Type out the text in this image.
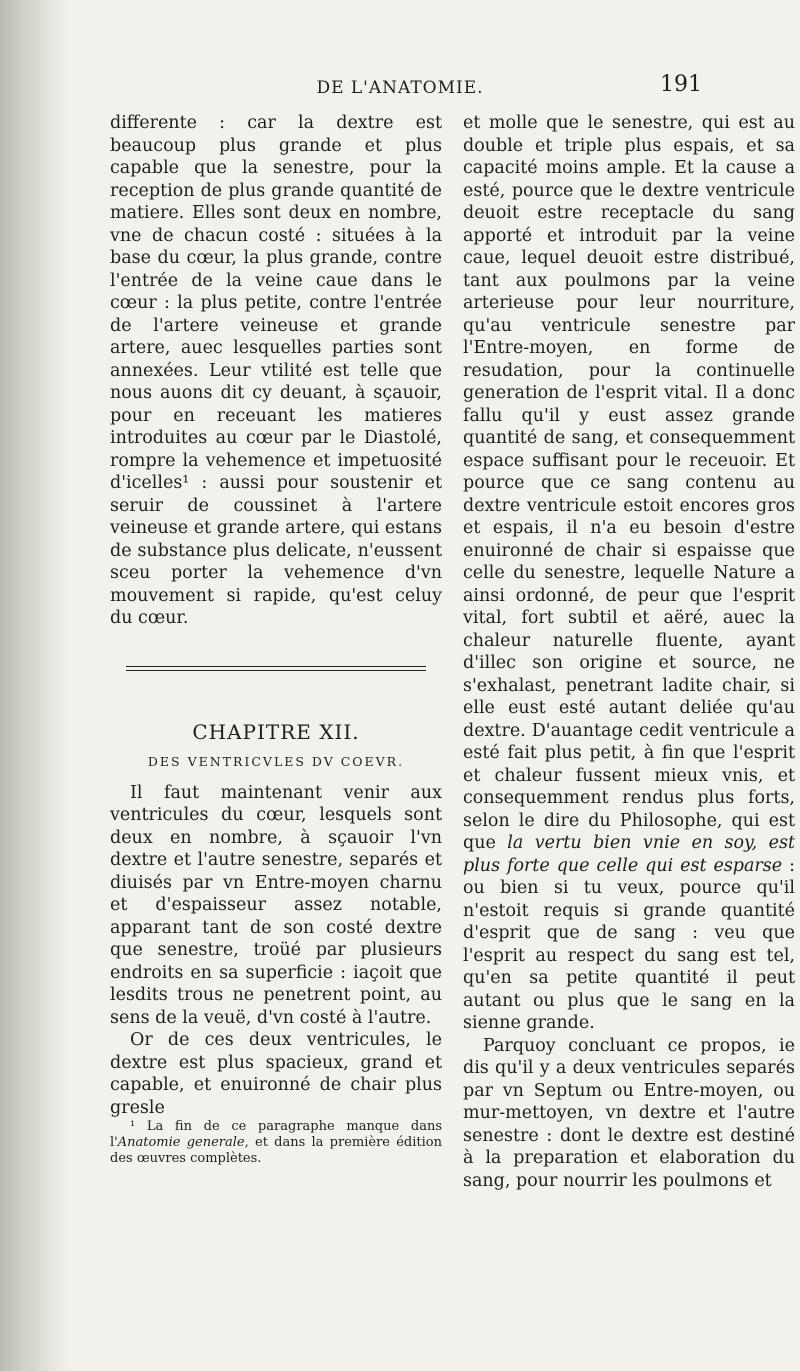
DE L'ANATOMIE.	191

differente : car la dextre est beaucoup plus grande et plus capable que la senestre, pour la reception de plus grande quantité de matiere. Elles sont deux en nombre, vne de chacun costé : situées à la base du cœur, la plus grande, contre l'entrée de la veine caue dans le cœur : la plus petite, contre l'entrée de l'artere veineuse et grande artere, auec lesquelles parties sont annexées. Leur vtilité est telle que nous auons dit cy deuant, à sçauoir, pour en receuant les matieres introduites au cœur par le Diastolé, rompre la vehemence et impetuosité d'icelles¹ : aussi pour soustenir et seruir de coussinet à l'artere veineuse et grande artere, qui estans de substance plus delicate, n'eussent sceu porter la vehemence d'vn mouvement si rapide, qu'est celuy du cœur.

CHAPITRE XII.
DES VENTRICVLES DV COEVR.

Il faut maintenant venir aux ventricules du cœur, lesquels sont deux en nombre, à sçauoir l'vn dextre et l'autre senestre, separés et diuisés par vn Entre-moyen charnu et d'espaisseur assez notable, apparant tant de son costé dextre que senestre, troüé par plusieurs endroits en sa superficie : iaçoit que lesdits trous ne penetrent point, au sens de la veuë, d'vn costé à l'autre.

Or de ces deux ventricules, le dextre est plus spacieux, grand et capable, et enuironné de chair plus gresle

¹ La fin de ce paragraphe manque dans l'Anatomie generale, et dans la première édition des œuvres complètes.

et molle que le senestre, qui est au double et triple plus espais, et sa capacité moins ample. Et la cause a esté, pource que le dextre ventricule deuoit estre receptacle du sang apporté et introduit par la veine caue, lequel deuoit estre distribué, tant aux poulmons par la veine arterieuse pour leur nourriture, qu'au ventricule senestre par l'Entre-moyen, en forme de resudation, pour la continuelle generation de l'esprit vital. Il a donc fallu qu'il y eust assez grande quantité de sang, et consequemment espace suffisant pour le receuoir. Et pource que ce sang contenu au dextre ventricule estoit encores gros et espais, il n'a eu besoin d'estre enuironné de chair si espaisse que celle du senestre, lequelle Nature a ainsi ordonné, de peur que l'esprit vital, fort subtil et aëré, auec la chaleur naturelle fluente, ayant d'illec son origine et source, ne s'exhalast, penetrant ladite chair, si elle eust esté autant deliée qu'au dextre. D'auantage cedit ventricule a esté fait plus petit, à fin que l'esprit et chaleur fussent mieux vnis, et consequemment rendus plus forts, selon le dire du Philosophe, qui est que la vertu bien vnie en soy, est plus forte que celle qui est esparse : ou bien si tu veux, pource qu'il n'estoit requis si grande quantité d'esprit que de sang : veu que l'esprit au respect du sang est tel, qu'en sa petite quantité il peut autant ou plus que le sang en la sienne grande.

Parquoy concluant ce propos, ie dis qu'il y a deux ventricules separés par vn Septum ou Entre-moyen, ou mur-mettoyen, vn dextre et l'autre senestre : dont le dextre est destiné à la preparation et elaboration du sang, pour nourrir les poulmons et
